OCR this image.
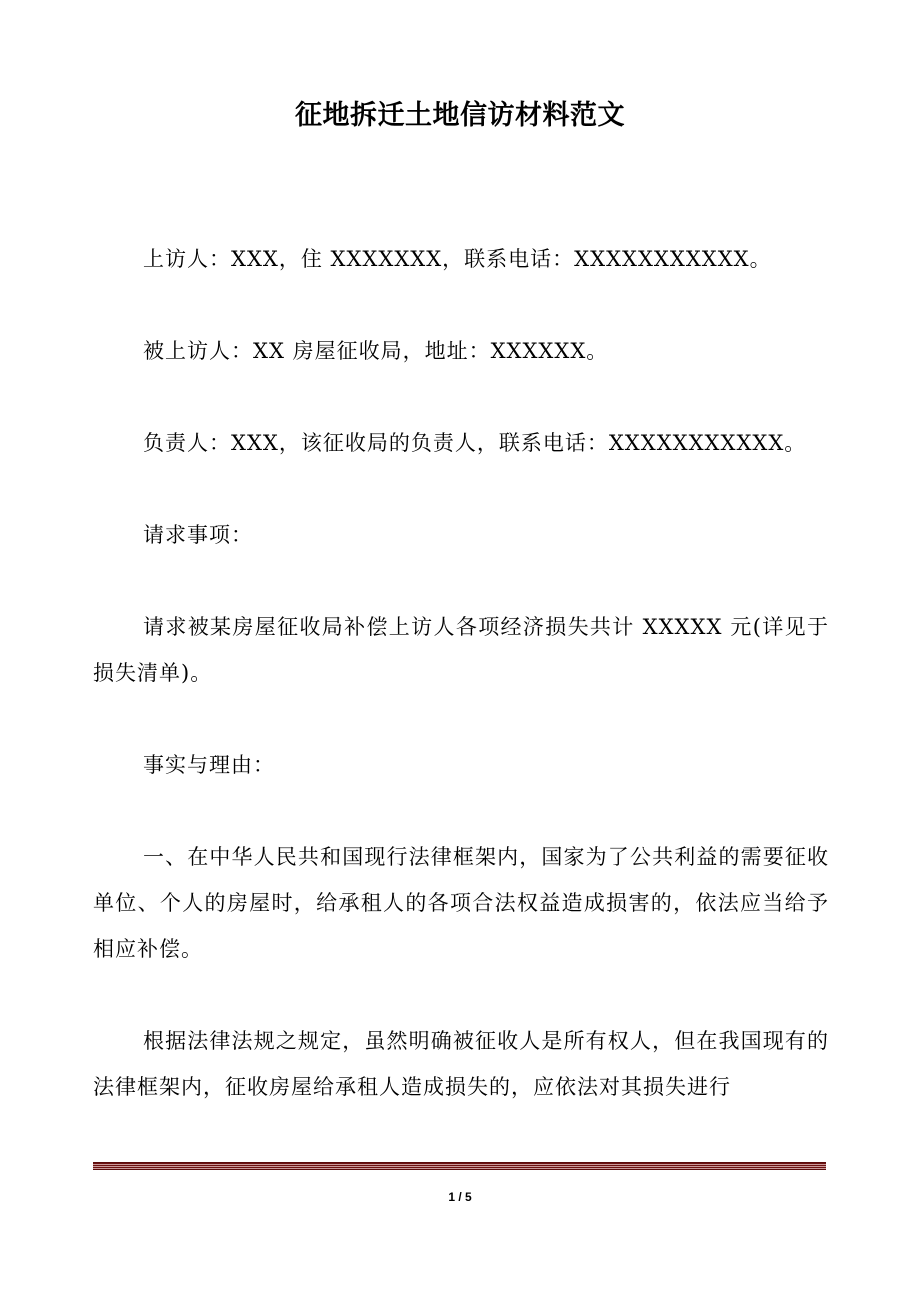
征地拆迁土地信访材料范文

上访人：XXX，住 XXXXXXX，联系电话：XXXXXXXXXXX。

被上访人：XX 房屋征收局，地址：XXXXXX。

负责人：XXX，该征收局的负责人，联系电话：XXXXXXXXXXX。

请求事项：

请求被某房屋征收局补偿上访人各项经济损失共计 XXXXX 元(详见于损失清单)。

事实与理由：

一、在中华人民共和国现行法律框架内，国家为了公共利益的需要征收单位、个人的房屋时，给承租人的各项合法权益造成损害的，依法应当给予相应补偿。

根据法律法规之规定，虽然明确被征收人是所有权人，但在我国现有的法律框架内，征收房屋给承租人造成损失的，应依法对其损失进行

1 / 5
